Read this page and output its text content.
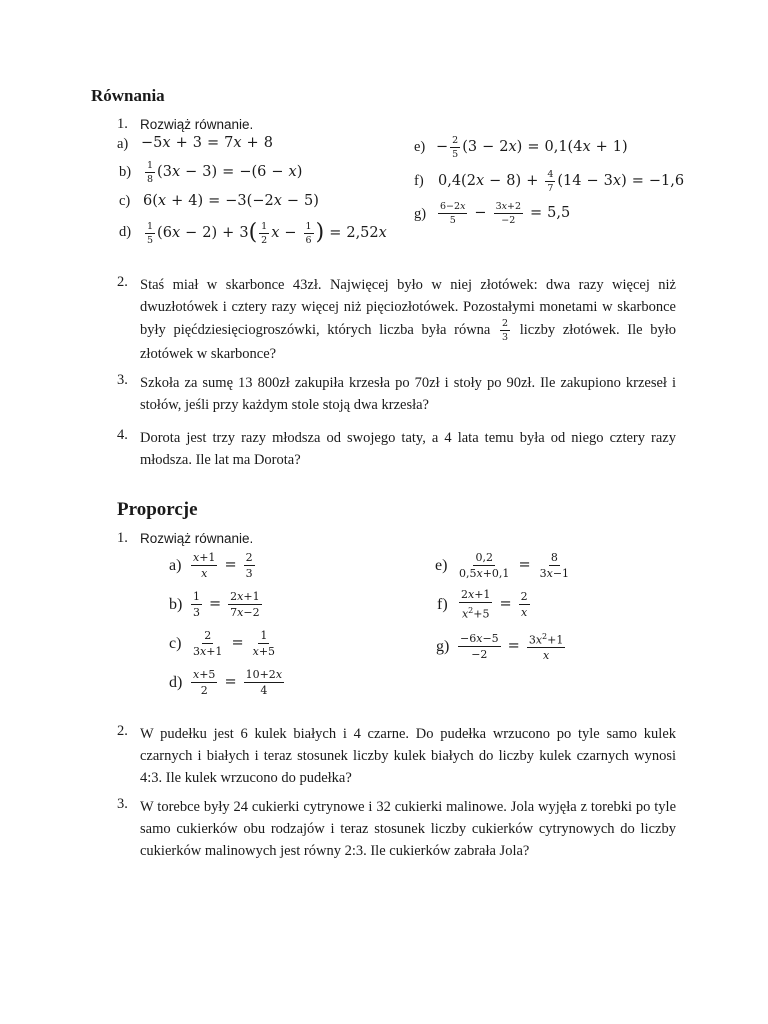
Równania
1. Rozwiąż równanie.
a) −5 x + 3 = 7 x + 8
$b) \frac{1}{8} (3$ x − 3) = −(6 − x )
c) 6( x + 4) = −3(−2 x − 5)
$d) \frac{1}{5} (6$ x − 2) + 3 ( $\frac{1}{2}$ $x - \frac{1}{6}$ ) = 2,52 x
$e) - \frac{2}{5} (3 - 2$ x ) = 0,1(4 x + 1)
f) 0,4(2 $x - 8) + \frac{4}{7} (14 - 3$ x ) = −1,6
$g) \frac{6-2x}{5} - \frac{3x+2}{-2} = 5,5$
2. Staś miał w skarbonce 43zł. Najwięcej było w niej złotówek: dwa razy więcej niż dwuzłotówek i cztery razy więcej niż pięciozłotówek. Pozostałymi monetami w skarbonce były pięćdziesięciogroszówki, których liczba była równa $\frac{2}{3}$ liczby złotówek. Ile było złotówek w skarbonce?
3. Szkoła za sumę 13 800zł zakupiła krzesła po 70zł i stoły po 90zł. Ile zakupiono krzeseł i stołów, jeśli przy każdym stole stoją dwa krzesła?
4. Dorota jest trzy razy młodsza od swojego taty, a 4 lata temu była od niego cztery razy młodsza. Ile lat ma Dorota?
Proporcje
1. Rozwiąż równanie.
$a) \frac{x+1}{x} = \frac{2}{3}$
$b) \frac{1}{3} = \frac{2x+1}{7x-2}$
$c) \frac{2}{3x+1} = \frac{1}{x+5}$
$d) \frac{x+5}{2} = \frac{10+2x}{4}$
$e) \frac{0,2}{0,5x+0,1} = \frac{8}{3x-1}$
$f) \frac{2x+1}{x^2+5} = \frac{2}{x}$
$g) \frac{-6x-5}{-2} = \frac{3x^2+1}{x}$
2. W pudełku jest 6 kulek białych i 4 czarne. Do pudełka wrzucono po tyle samo kulek czarnych i białych i teraz stosunek liczby kulek białych do liczby kulek czarnych wynosi 4:3. Ile kulek wrzucono do pudełka?
3. W torebce były 24 cukierki cytrynowe i 32 cukierki malinowe. Jola wyjęła z torebki po tyle samo cukierków obu rodzajów i teraz stosunek liczby cukierków cytrynowych do liczby cukierków malinowych jest równy 2:3. Ile cukierków zabrała Jola?
